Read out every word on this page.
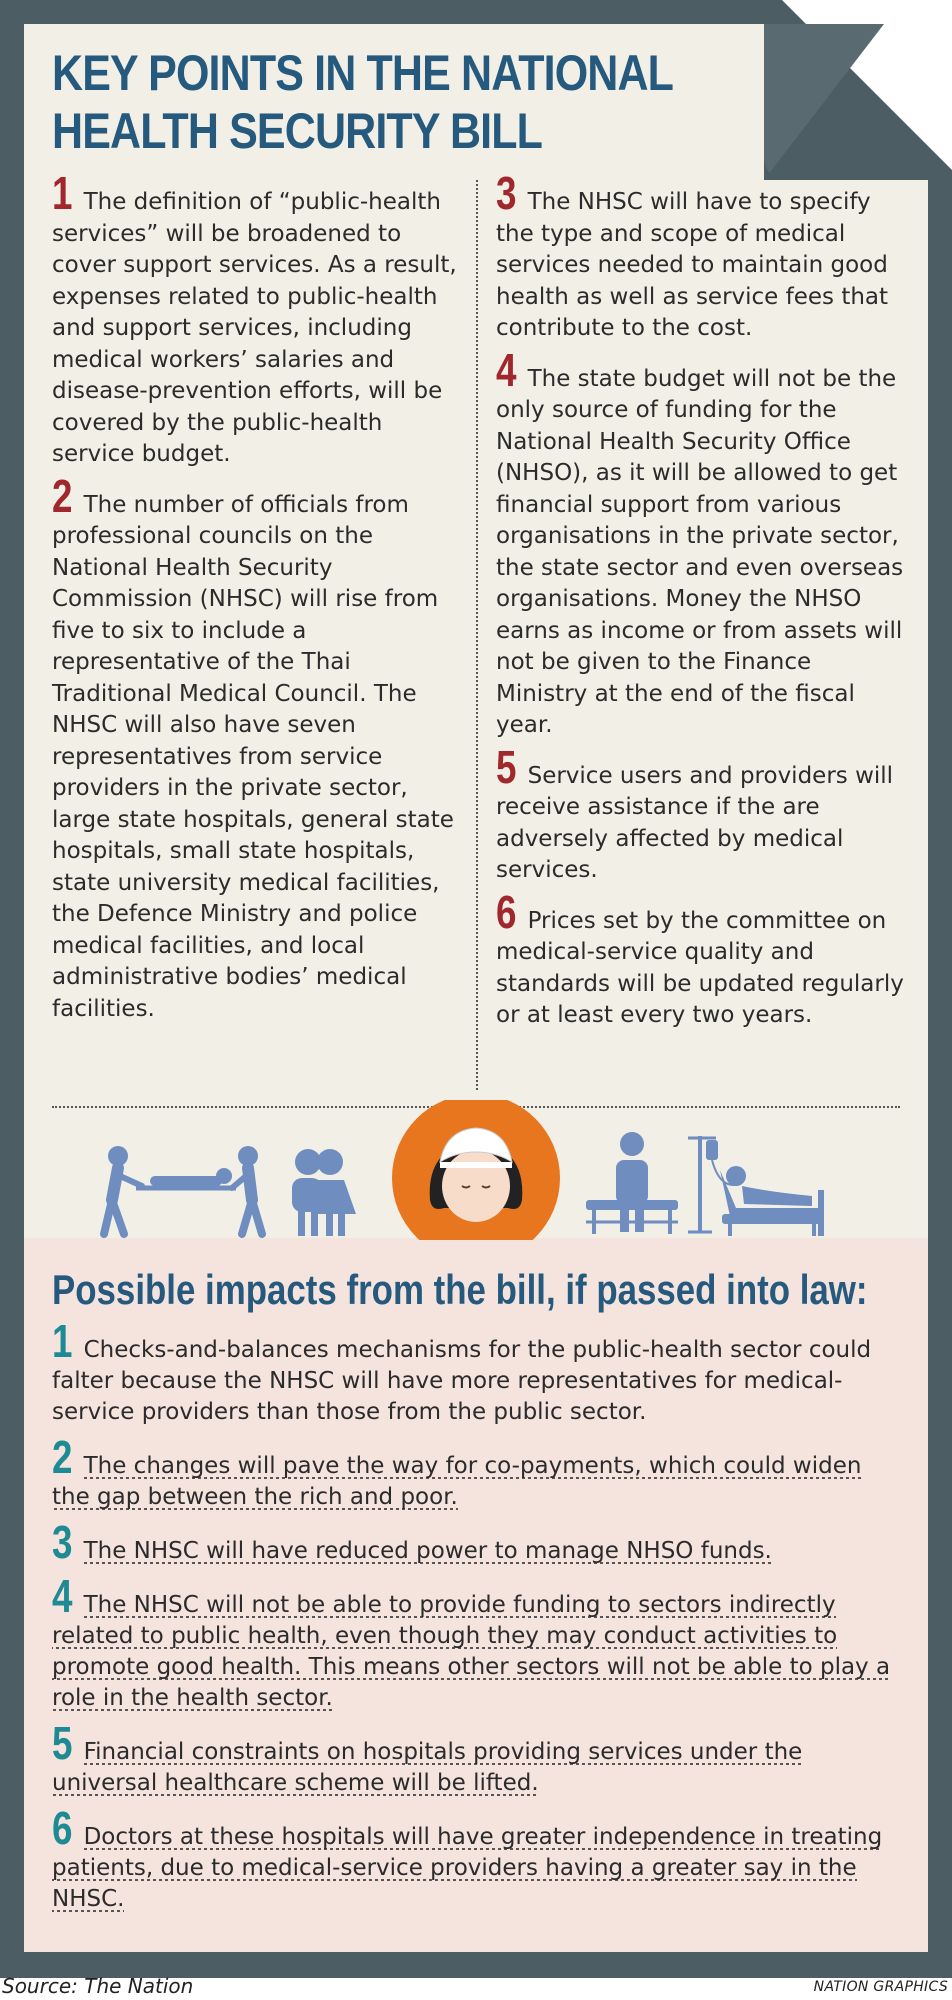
KEY POINTS IN THE NATIONAL HEALTH SECURITY BILL
1 The definition of “public-health services” will be broadened to cover support services. As a result, expenses related to public-health and support services, including medical workers’ salaries and disease-prevention efforts, will be covered by the public-health service budget.
2 The number of officials from professional councils on the National Health Security Commission (NHSC) will rise from five to six to include a representative of the Thai Traditional Medical Council. The NHSC will also have seven representatives from service providers in the private sector, large state hospitals, general state hospitals, small state hospitals, state university medical facilities, the Defence Ministry and police medical facilities, and local administrative bodies’ medical facilities.
3 The NHSC will have to specify the type and scope of medical services needed to maintain good health as well as service fees that contribute to the cost.
4 The state budget will not be the only source of funding for the National Health Security Office (NHSO), as it will be allowed to get financial support from various organisations in the private sector, the state sector and even overseas organisations. Money the NHSO earns as income or from assets will not be given to the Finance Ministry at the end of the fiscal year.
5 Service users and providers will receive assistance if the are adversely affected by medical services.
6 Prices set by the committee on medical-service quality and standards will be updated regularly or at least every two years.
Possible impacts from the bill, if passed into law:
1 Checks-and-balances mechanisms for the public-health sector could falter because the NHSC will have more representatives for medical-service providers than those from the public sector.
2 The changes will pave the way for co-payments, which could widen the gap between the rich and poor.
3 The NHSC will have reduced power to manage NHSO funds.
4 The NHSC will not be able to provide funding to sectors indirectly related to public health, even though they may conduct activities to promote good health. This means other sectors will not be able to play a role in the health sector.
5 Financial constraints on hospitals providing services under the universal healthcare scheme will be lifted.
6 Doctors at these hospitals will have greater independence in treating patients, due to medical-service providers having a greater say in the NHSC.
Source: The Nation	NATION GRAPHICS
